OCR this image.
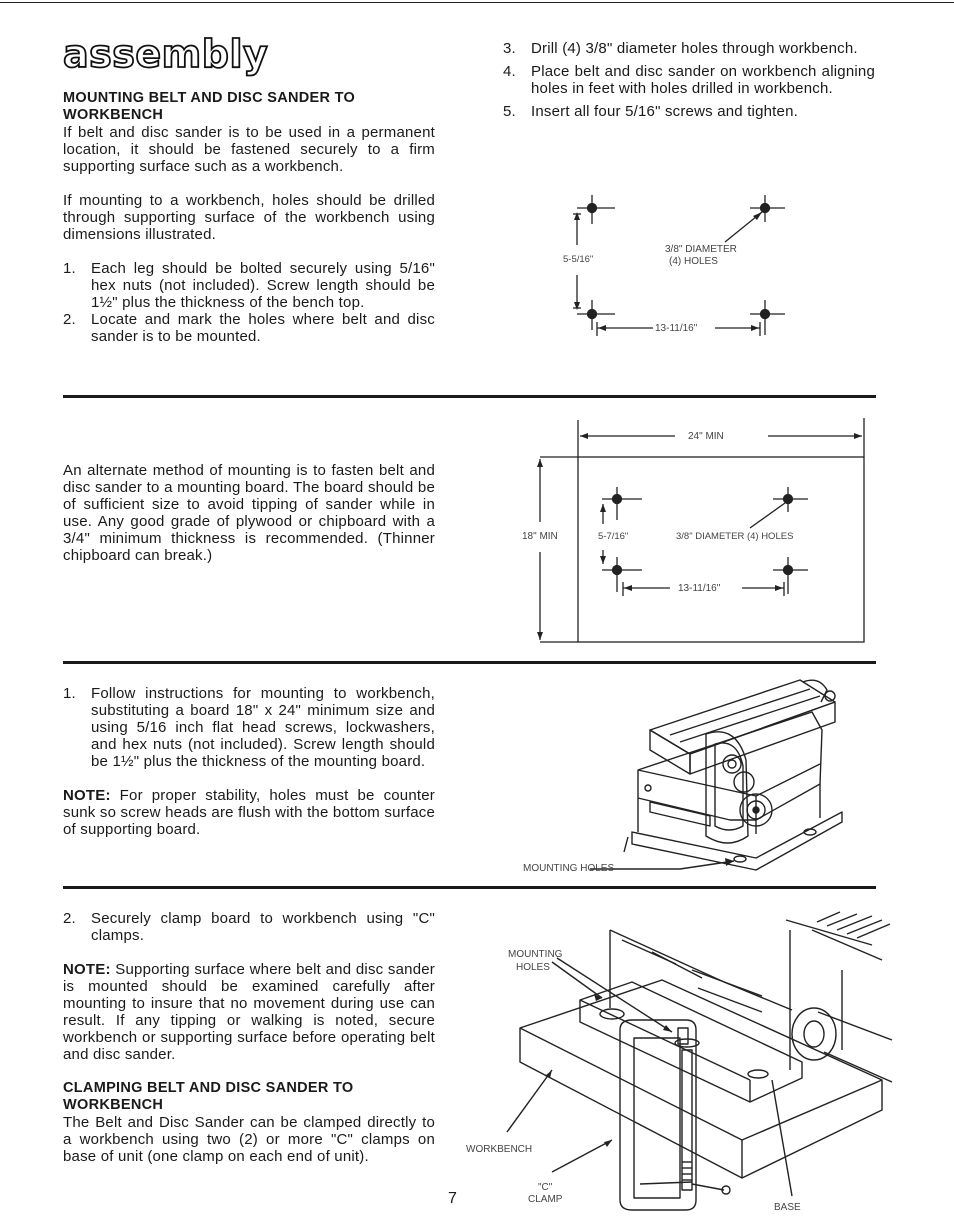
assembly
MOUNTING BELT AND DISC SANDER TO WORKBENCH

If belt and disc sander is to be used in a permanent location, it should be fastened securely to a firm supporting surface such as a workbench.

If mounting to a workbench, holes should be drilled through supporting surface of the workbench using dimensions illustrated.

1.	Each leg should be bolted securely using 5/16" hex nuts (not included). Screw length should be 1½" plus the thickness of the bench top.
2.	Locate and mark the holes where belt and disc sander is to be mounted.
3.	Drill (4) 3/8" diameter holes through workbench.
4.	Place belt and disc sander on workbench aligning holes in feet with holes drilled in workbench.
5.	Insert all four 5/16" screws and tighten.
3/8" DIAMETER
(4) HOLES
5-5/16"
13-11/16"

An alternate method of mounting is to fasten belt and disc sander to a mounting board. The board should be of sufficient size to avoid tipping of sander while in use. Any good grade of plywood or chipboard with a 3/4" minimum thickness is recommended. (Thinner chipboard can break.)

24" MIN
18" MIN	5-7/16"	3/8" DIAMETER (4) HOLES
13-11/16"
1.	Follow instructions for mounting to workbench, substituting a board 18" x 24" minimum size and using 5/16 inch flat head screws, lockwashers, and hex nuts (not included). Screw length should be 1½" plus the thickness of the mounting board.

NOTE: For proper stability, holes must be counter sunk so screw heads are flush with the bottom surface of supporting board.

MOUNTING HOLES
2.	Securely clamp board to workbench using "C" clamps.

NOTE: Supporting surface where belt and disc sander is mounted should be examined carefully after mounting to insure that no movement during use can result. If any tipping or walking is noted, secure workbench or supporting surface before operating belt and disc sander.

CLAMPING BELT AND DISC SANDER TO WORKBENCH

The Belt and Disc Sander can be clamped directly to a workbench using two (2) or more "C" clamps on base of unit (one clamp on each end of unit).

MOUNTING
HOLES
WORKBENCH
"C"
CLAMP
BASE
7
